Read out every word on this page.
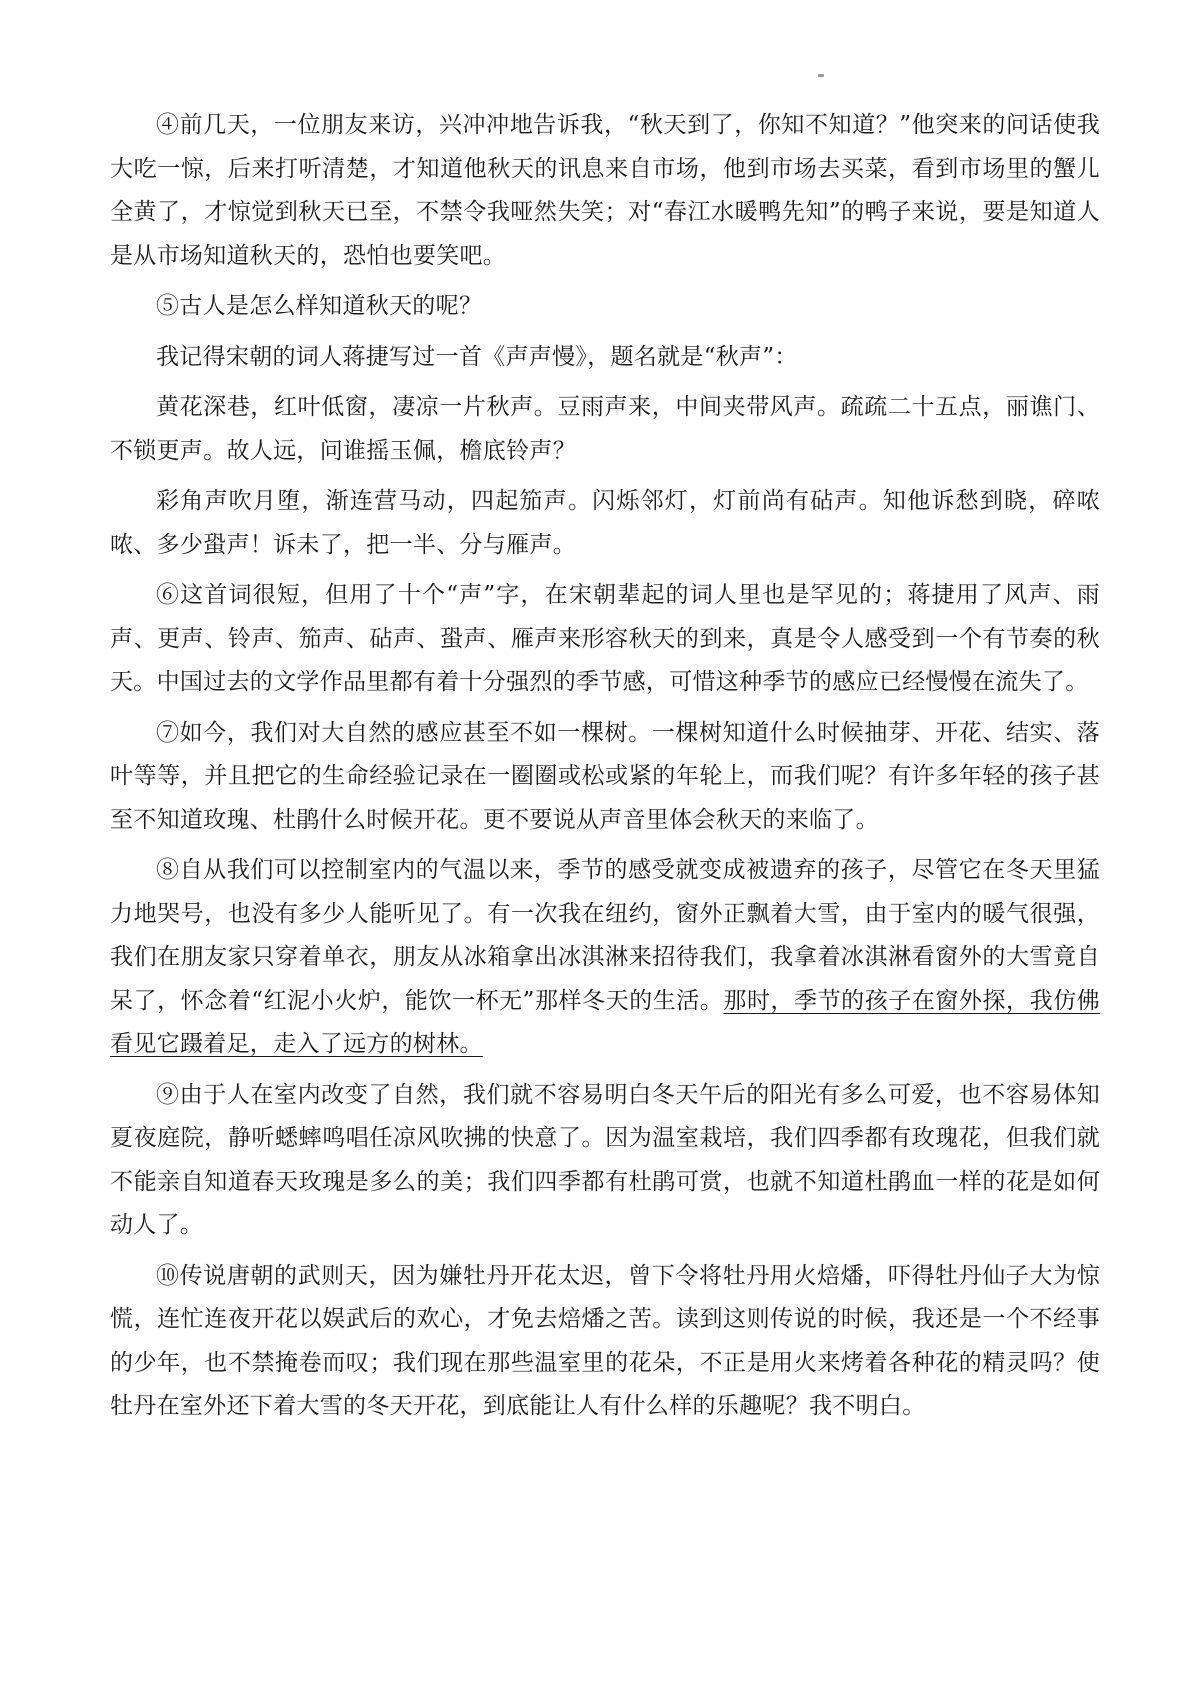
④前几天，一位朋友来访，兴冲冲地告诉我，“秋天到了，你知不知道？”他突来的问话使我大吃一惊，后来打听清楚，才知道他秋天的讯息来自市场，他到市场去买菜，看到市场里的蟹儿全黄了，才惊觉到秋天已至，不禁令我哑然失笑；对“春江水暖鸭先知”的鸭子来说，要是知道人是从市场知道秋天的，恐怕也要笑吧。

⑤古人是怎么样知道秋天的呢？

我记得宋朝的词人蒋捷写过一首《声声慢》，题名就是“秋声”：

黄花深巷，红叶低窗，凄凉一片秋声。豆雨声来，中间夹带风声。疏疏二十五点，丽谯门、不锁更声。故人远，问谁摇玉佩，檐底铃声？

彩角声吹月堕，渐连营马动，四起笳声。闪烁邻灯，灯前尚有砧声。知他诉愁到晓，碎哝哝、多少蛩声！诉未了，把一半、分与雁声。

⑥这首词很短，但用了十个“声”字，在宋朝辈起的词人里也是罕见的；蒋捷用了风声、雨声、更声、铃声、笳声、砧声、蛩声、雁声来形容秋天的到来，真是令人感受到一个有节奏的秋天。中国过去的文学作品里都有着十分强烈的季节感，可惜这种季节的感应已经慢慢在流失了。

⑦如今，我们对大自然的感应甚至不如一棵树。一棵树知道什么时候抽芽、开花、结实、落叶等等，并且把它的生命经验记录在一圈圈或松或紧的年轮上，而我们呢？有许多年轻的孩子甚至不知道玫瑰、杜鹃什么时候开花。更不要说从声音里体会秋天的来临了。

⑧自从我们可以控制室内的气温以来，季节的感受就变成被遗弃的孩子，尽管它在冬天里猛力地哭号，也没有多少人能听见了。有一次我在纽约，窗外正飘着大雪，由于室内的暖气很强，我们在朋友家只穿着单衣，朋友从冰箱拿出冰淇淋来招待我们，我拿着冰淇淋看窗外的大雪竟自呆了，怀念着“红泥小火炉，能饮一杯无”那样冬天的生活。那时，季节的孩子在窗外探，我仿佛看见它蹑着足，走入了远方的树林。

⑨由于人在室内改变了自然，我们就不容易明白冬天午后的阳光有多么可爱，也不容易体知夏夜庭院，静听蟋蟀鸣唱任凉风吹拂的快意了。因为温室栽培，我们四季都有玫瑰花，但我们就不能亲自知道春天玫瑰是多么的美；我们四季都有杜鹃可赏，也就不知道杜鹃血一样的花是如何动人了。

⑩传说唐朝的武则天，因为嫌牡丹开花太迟，曾下令将牡丹用火焙燔，吓得牡丹仙子大为惊慌，连忙连夜开花以娱武后的欢心，才免去焙燔之苦。读到这则传说的时候，我还是一个不经事的少年，也不禁掩卷而叹；我们现在那些温室里的花朵，不正是用火来烤着各种花的精灵吗？使牡丹在室外还下着大雪的冬天开花，到底能让人有什么样的乐趣呢？我不明白。
